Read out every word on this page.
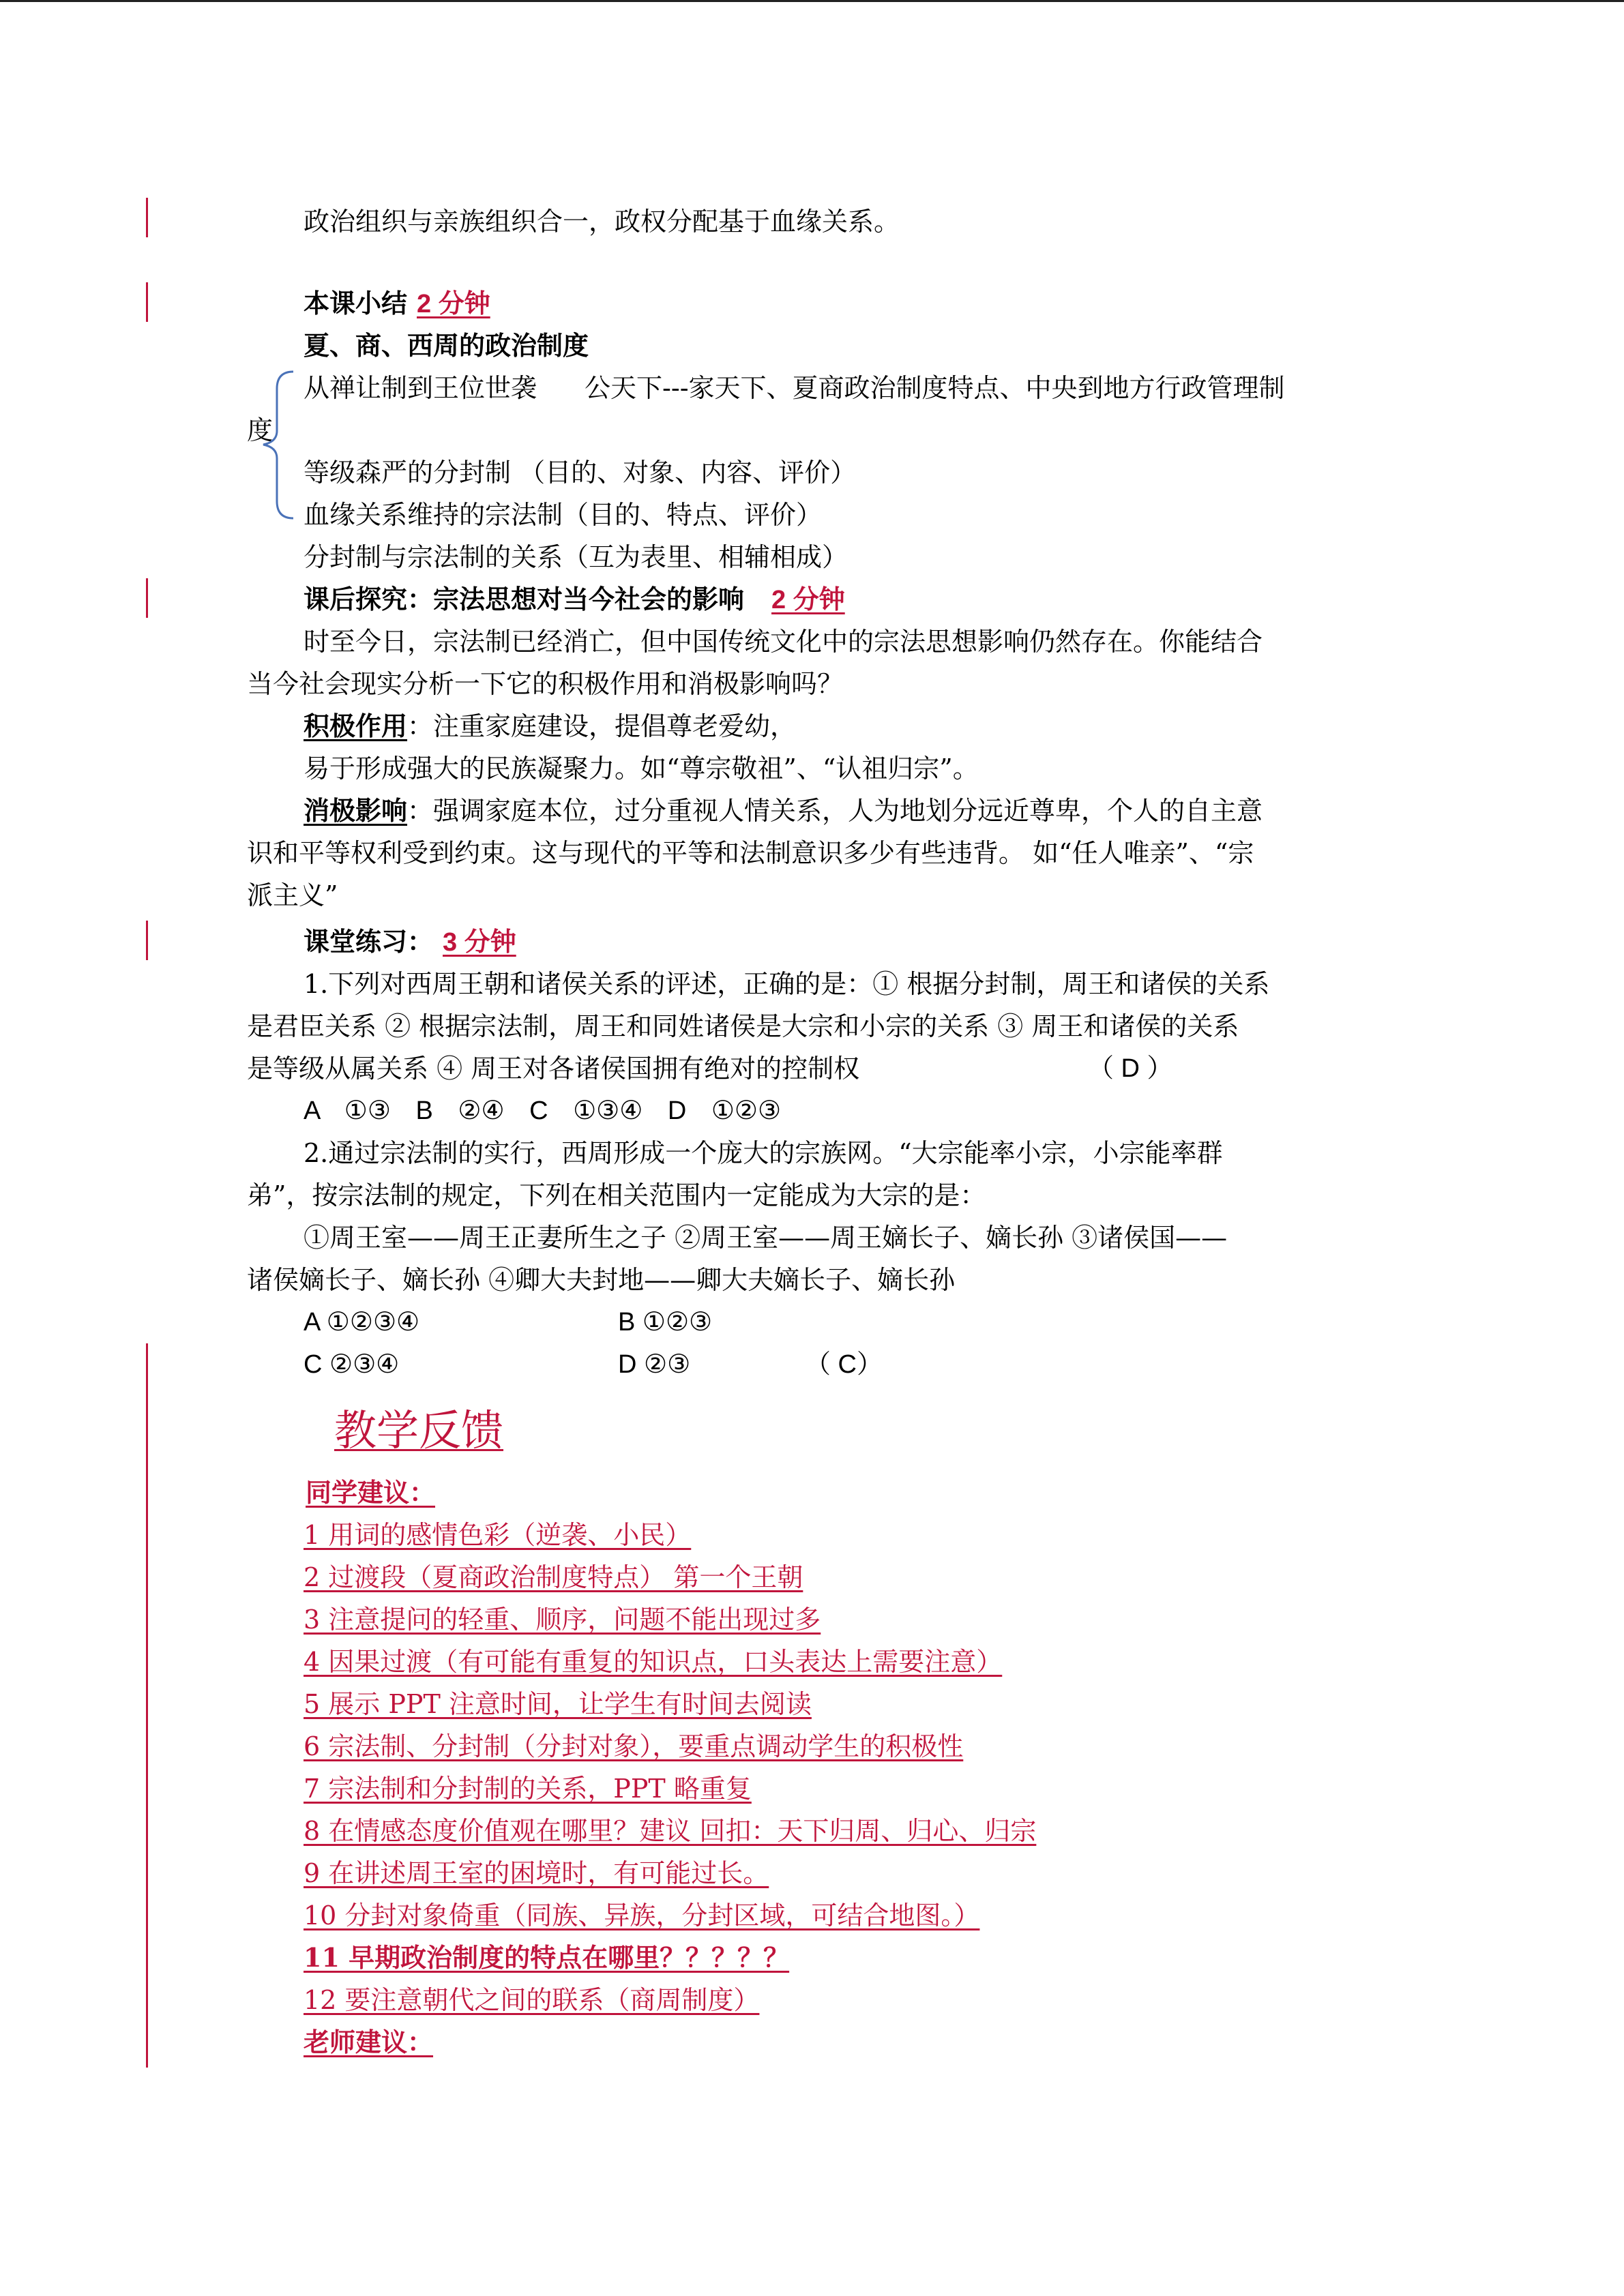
政治组织与亲族组织合一，政权分配基于血缘关系。
本课小结 2 分钟
夏、商、西周的政治制度
从禅让制到王位世袭 公天下---家天下、夏商政治制度特点、中央到地方行政管理制
度
等级森严的分封制 （目的、对象、内容、评价）
血缘关系维持的宗法制（目的、特点、评价）
分封制与宗法制的关系（互为表里、相辅相成）
课后探究：宗法思想对当今社会的影响 2 分钟
时至今日，宗法制已经消亡，但中国传统文化中的宗法思想影响仍然存在。你能结合
当今社会现实分析一下它的积极作用和消极影响吗？
积极作用：注重家庭建设，提倡尊老爱幼，
易于形成强大的民族凝聚力。如“尊宗敬祖”、“认祖归宗”。
消极影响：强调家庭本位，过分重视人情关系，人为地划分远近尊卑，个人的自主意
识和平等权利受到约束。这与现代的平等和法制意识多少有些违背。 如“任人唯亲”、“宗
派主义”
课堂练习： 3 分钟
1.下列对西周王朝和诸侯关系的评述，正确的是：① 根据分封制，周王和诸侯的关系
是君臣关系 ② 根据宗法制，周王和同姓诸侯是大宗和小宗的关系 ③ 周王和诸侯的关系
是等级从属关系 ④ 周王对各诸侯国拥有绝对的控制权	（ D ）
A ①③ B ②④ C ①③④ D ①②③
2.通过宗法制的实行，西周形成一个庞大的宗族网。“大宗能率小宗，小宗能率群
弟”，按宗法制的规定，下列在相关范围内一定能成为大宗的是：
①周王室——周王正妻所生之子 ②周王室——周王嫡长子、嫡长孙 ③诸侯国——
诸侯嫡长子、嫡长孙 ④卿大夫封地——卿大夫嫡长子、嫡长孙
A ①②③④	B ①②③
C ②③④	D ②③	（ C）
教学反馈
同学建议：
1 用词的感情色彩（逆袭、小民）
2 过渡段（夏商政治制度特点） 第一个王朝
3 注意提问的轻重、顺序，问题不能出现过多
4 因果过渡（有可能有重复的知识点，口头表达上需要注意）
5 展示 PPT 注意时间，让学生有时间去阅读
6 宗法制、分封制（分封对象），要重点调动学生的积极性
7 宗法制和分封制的关系，PPT 略重复
8 在情感态度价值观在哪里？建议 回扣：天下归周、归心、归宗
9 在讲述周王室的困境时，有可能过长。
10 分封对象倚重（同族、异族，分封区域，可结合地图。）
11 早期政治制度的特点在哪里？？？？？
12 要注意朝代之间的联系（商周制度）
老师建议：
